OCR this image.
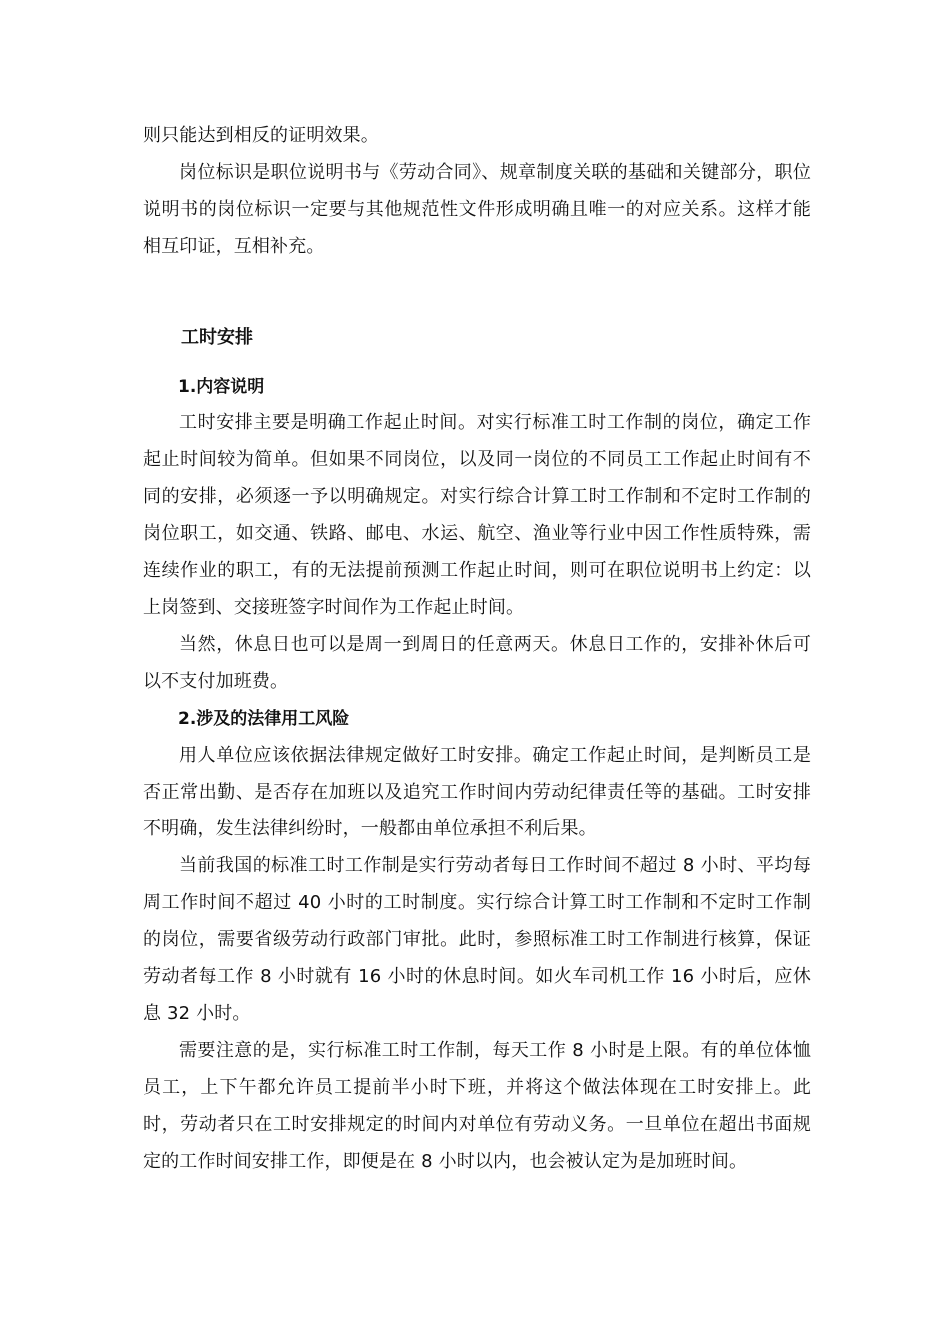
则只能达到相反的证明效果。

岗位标识是职位说明书与《劳动合同》、规章制度关联的基础和关键部分，职位说明书的岗位标识一定要与其他规范性文件形成明确且唯一的对应关系。这样才能相互印证，互相补充。

工时安排
1.内容说明

工时安排主要是明确工作起止时间。对实行标准工时工作制的岗位，确定工作起止时间较为简单。但如果不同岗位，以及同一岗位的不同员工工作起止时间有不同的安排，必须逐一予以明确规定。对实行综合计算工时工作制和不定时工作制的岗位职工，如交通、铁路、邮电、水运、航空、渔业等行业中因工作性质特殊，需连续作业的职工，有的无法提前预测工作起止时间，则可在职位说明书上约定：以上岗签到、交接班签字时间作为工作起止时间。

当然，休息日也可以是周一到周日的任意两天。休息日工作的，安排补休后可以不支付加班费。

2.涉及的法律用工风险

用人单位应该依据法律规定做好工时安排。确定工作起止时间，是判断员工是否正常出勤、是否存在加班以及追究工作时间内劳动纪律责任等的基础。工时安排不明确，发生法律纠纷时，一般都由单位承担不利后果。

当前我国的标准工时工作制是实行劳动者每日工作时间不超过 8 小时、平均每周工作时间不超过 40 小时的工时制度。实行综合计算工时工作制和不定时工作制的岗位，需要省级劳动行政部门审批。此时，参照标准工时工作制进行核算，保证劳动者每工作 8 小时就有 16 小时的休息时间。如火车司机工作 16 小时后，应休息 32 小时。

需要注意的是，实行标准工时工作制，每天工作 8 小时是上限。有的单位体恤员工，上下午都允许员工提前半小时下班，并将这个做法体现在工时安排上。此时，劳动者只在工时安排规定的时间内对单位有劳动义务。一旦单位在超出书面规定的工作时间安排工作，即便是在 8 小时以内，也会被认定为是加班时间。
